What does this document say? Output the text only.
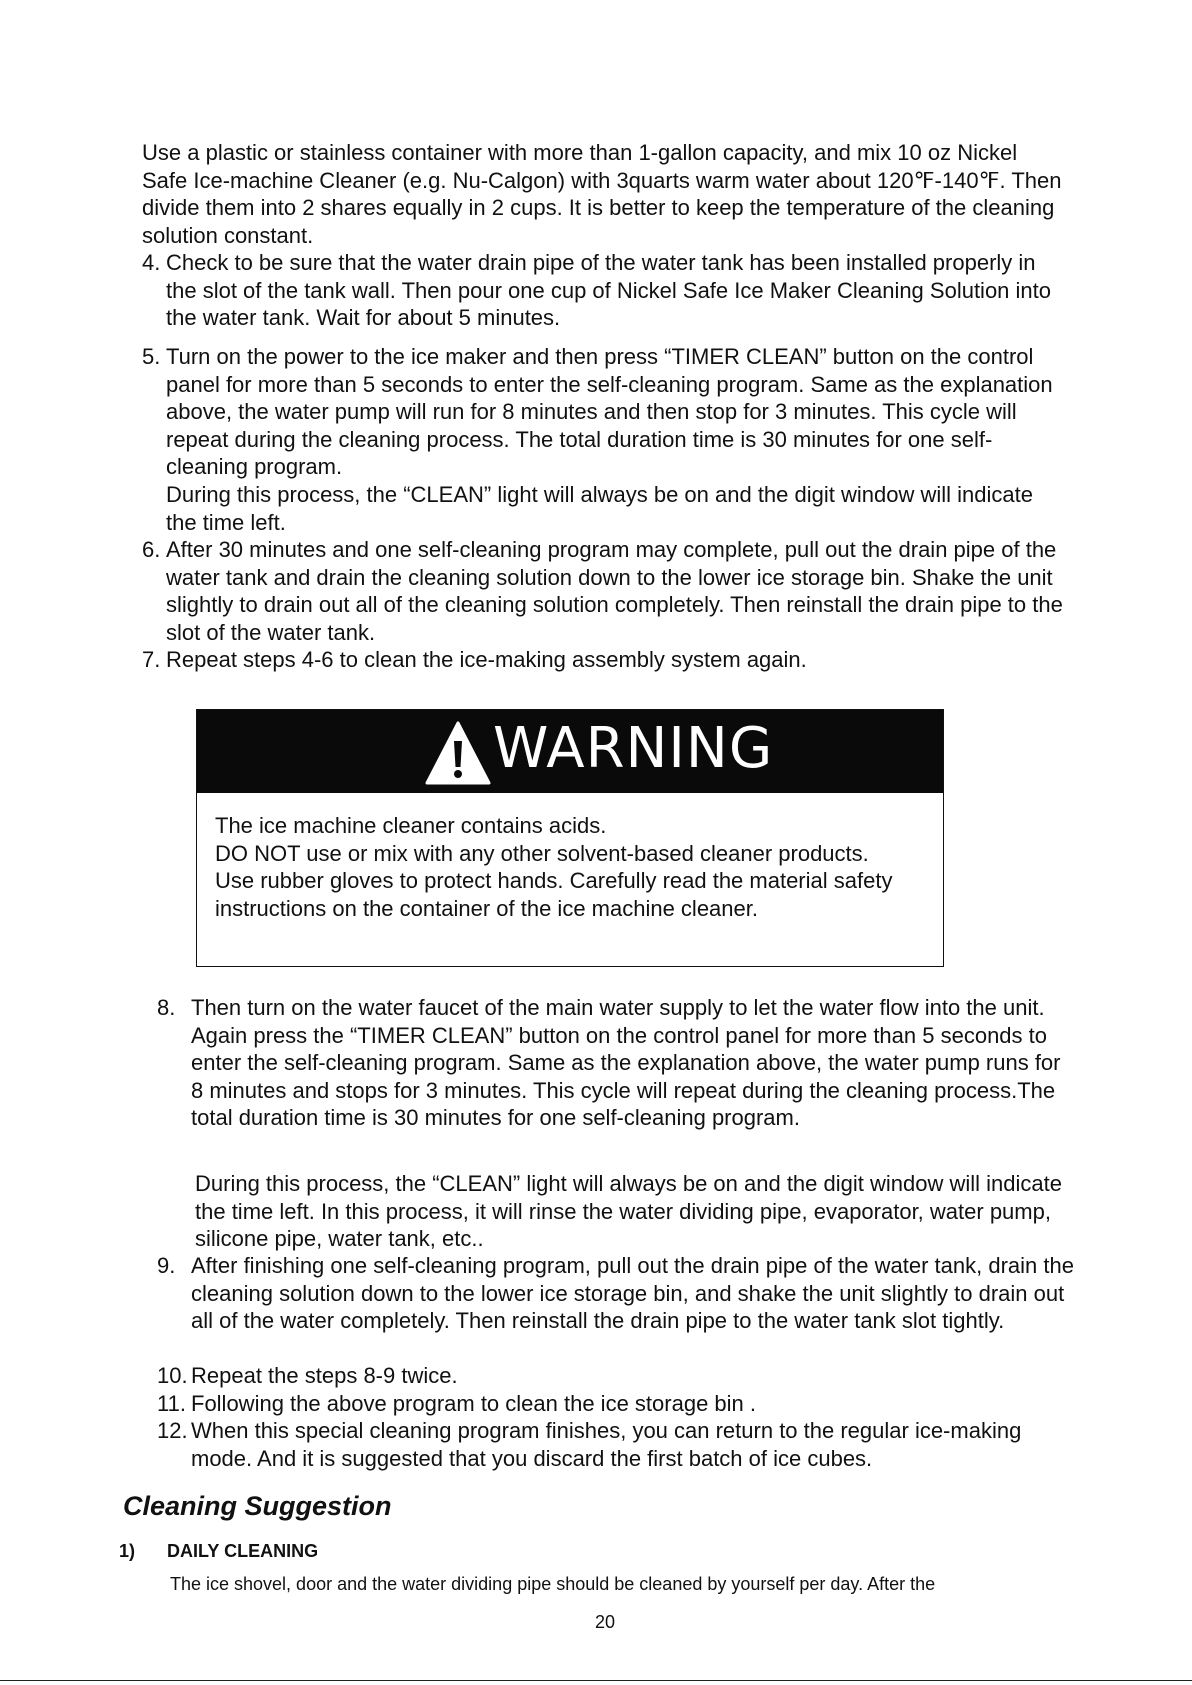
Use a plastic or stainless container with more than 1-gallon capacity, and mix 10 oz Nickel Safe Ice-machine Cleaner (e.g. Nu-Calgon) with 3quarts warm water about 120℉-140℉. Then divide them into 2 shares equally in 2 cups. It is better to keep the temperature of the cleaning solution constant.
4. Check to be sure that the water drain pipe of the water tank has been installed properly in the slot of the tank wall. Then pour one cup of Nickel Safe Ice Maker Cleaning Solution into the water tank. Wait for about 5 minutes.
5. Turn on the power to the ice maker and then press “TIMER CLEAN” button on the control panel for more than 5 seconds to enter the self-cleaning program. Same as the explanation above, the water pump will run for 8 minutes and then stop for 3 minutes. This cycle will repeat during the cleaning process. The total duration time is 30 minutes for one self-cleaning program.
During this process, the “CLEAN” light will always be on and the digit window will indicate the time left.
6. After 30 minutes and one self-cleaning program may complete, pull out the drain pipe of the water tank and drain the cleaning solution down to the lower ice storage bin. Shake the unit slightly to drain out all of the cleaning solution completely. Then reinstall the drain pipe to the slot of the water tank.
7. Repeat steps 4-6 to clean the ice-making assembly system again.
WARNING
The ice machine cleaner contains acids.
DO NOT use or mix with any other solvent-based cleaner products.
Use rubber gloves to protect hands. Carefully read the material safety instructions on the container of the ice machine cleaner.
8. Then turn on the water faucet of the main water supply to let the water flow into the unit. Again press the “TIMER CLEAN” button on the control panel for more than 5 seconds to enter the self-cleaning program. Same as the explanation above, the water pump runs for 8 minutes and stops for 3 minutes. This cycle will repeat during the cleaning process.The total duration time is 30 minutes for one self-cleaning program.
During this process, the “CLEAN” light will always be on and the digit window will indicate the time left. In this process, it will rinse the water dividing pipe, evaporator, water pump, silicone pipe, water tank, etc..
9. After finishing one self-cleaning program, pull out the drain pipe of the water tank, drain the cleaning solution down to the lower ice storage bin, and shake the unit slightly to drain out all of the water completely. Then reinstall the drain pipe to the water tank slot tightly.
10. Repeat the steps 8-9 twice.
11. Following the above program to clean the ice storage bin .
12. When this special cleaning program finishes, you can return to the regular ice-making mode. And it is suggested that you discard the first batch of ice cubes.
Cleaning Suggestion
1) DAILY CLEANING
The ice shovel, door and the water dividing pipe should be cleaned by yourself per day. After the
20
